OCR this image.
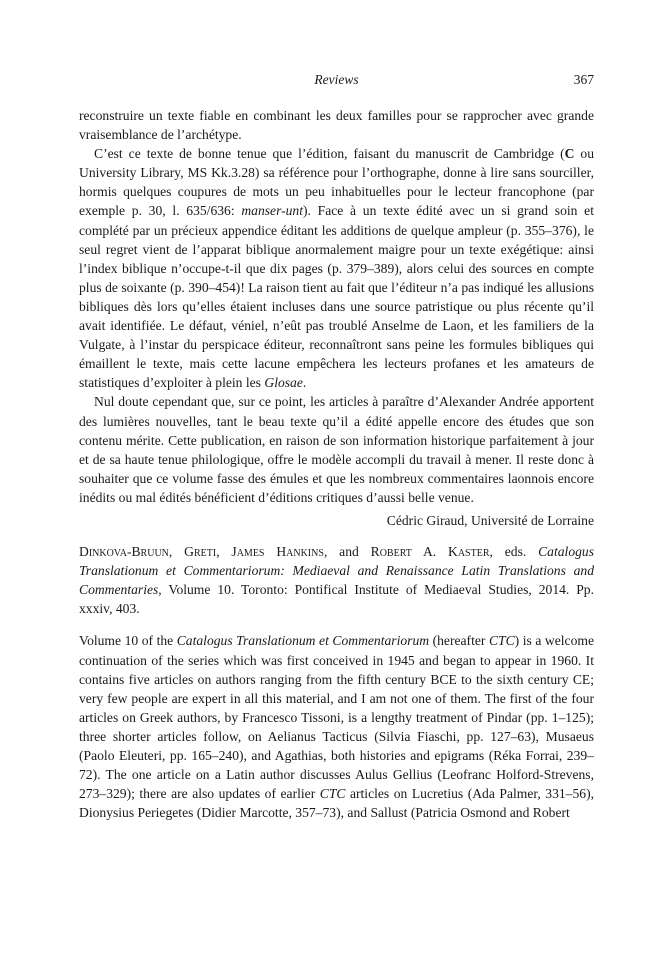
Reviews	367

reconstruire un texte fiable en combinant les deux familles pour se rapprocher avec grande vraisemblance de l’archétype.

C’est ce texte de bonne tenue que l’édition, faisant du manuscrit de Cambridge (C ou University Library, MS Kk.3.28) sa référence pour l’orthographe, donne à lire sans sourciller, hormis quelques coupures de mots un peu inhabituelles pour le lecteur francophone (par exemple p. 30, l. 635/636: manser-unt). Face à un texte édité avec un si grand soin et complété par un précieux appendice éditant les additions de quelque ampleur (p. 355–376), le seul regret vient de l’apparat biblique anormalement maigre pour un texte exégétique: ainsi l’index biblique n’occupe-t-il que dix pages (p. 379–389), alors celui des sources en compte plus de soixante (p. 390–454)! La raison tient au fait que l’éditeur n’a pas indiqué les allusions bibliques dès lors qu’elles étaient incluses dans une source patristique ou plus récente qu’il avait identifiée. Le défaut, véniel, n’eût pas troublé Anselme de Laon, et les familiers de la Vulgate, à l’instar du perspicace éditeur, reconnaîtront sans peine les formules bibliques qui émaillent le texte, mais cette lacune empêchera les lecteurs profanes et les amateurs de statistiques d’exploiter à plein les Glosae.

Nul doute cependant que, sur ce point, les articles à paraître d’Alexander Andrée apportent des lumières nouvelles, tant le beau texte qu’il a édité appelle encore des études que son contenu mérite. Cette publication, en raison de son information historique parfaitement à jour et de sa haute tenue philologique, offre le modèle accompli du travail à mener. Il reste donc à souhaiter que ce volume fasse des émules et que les nombreux commentaires laonnois encore inédits ou mal édités bénéficient d’éditions critiques d’aussi belle venue.

Cédric Giraud, Université de Lorraine
Dinkova-Bruun, Greti, James Hankins, and Robert A. Kaster, eds. Catalogus Translationum et Commentariorum: Mediaeval and Renaissance Latin Translations and Commentaries, Volume 10. Toronto: Pontifical Institute of Mediaeval Studies, 2014. Pp. xxxiv, 403.
Volume 10 of the Catalogus Translationum et Commentariorum (hereafter CTC) is a welcome continuation of the series which was first conceived in 1945 and began to appear in 1960. It contains five articles on authors ranging from the fifth century BCE to the sixth century CE; very few people are expert in all this material, and I am not one of them. The first of the four articles on Greek authors, by Francesco Tissoni, is a lengthy treatment of Pindar (pp. 1–125); three shorter articles follow, on Aelianus Tacticus (Silvia Fiaschi, pp. 127–63), Musaeus (Paolo Eleuteri, pp. 165–240), and Agathias, both histories and epigrams (Réka Forrai, 239–72). The one article on a Latin author discusses Aulus Gellius (Leofranc Holford-Strevens, 273–329); there are also updates of earlier CTC articles on Lucretius (Ada Palmer, 331–56), Dionysius Periegetes (Didier Marcotte, 357–73), and Sallust (Patricia Osmond and Robert
